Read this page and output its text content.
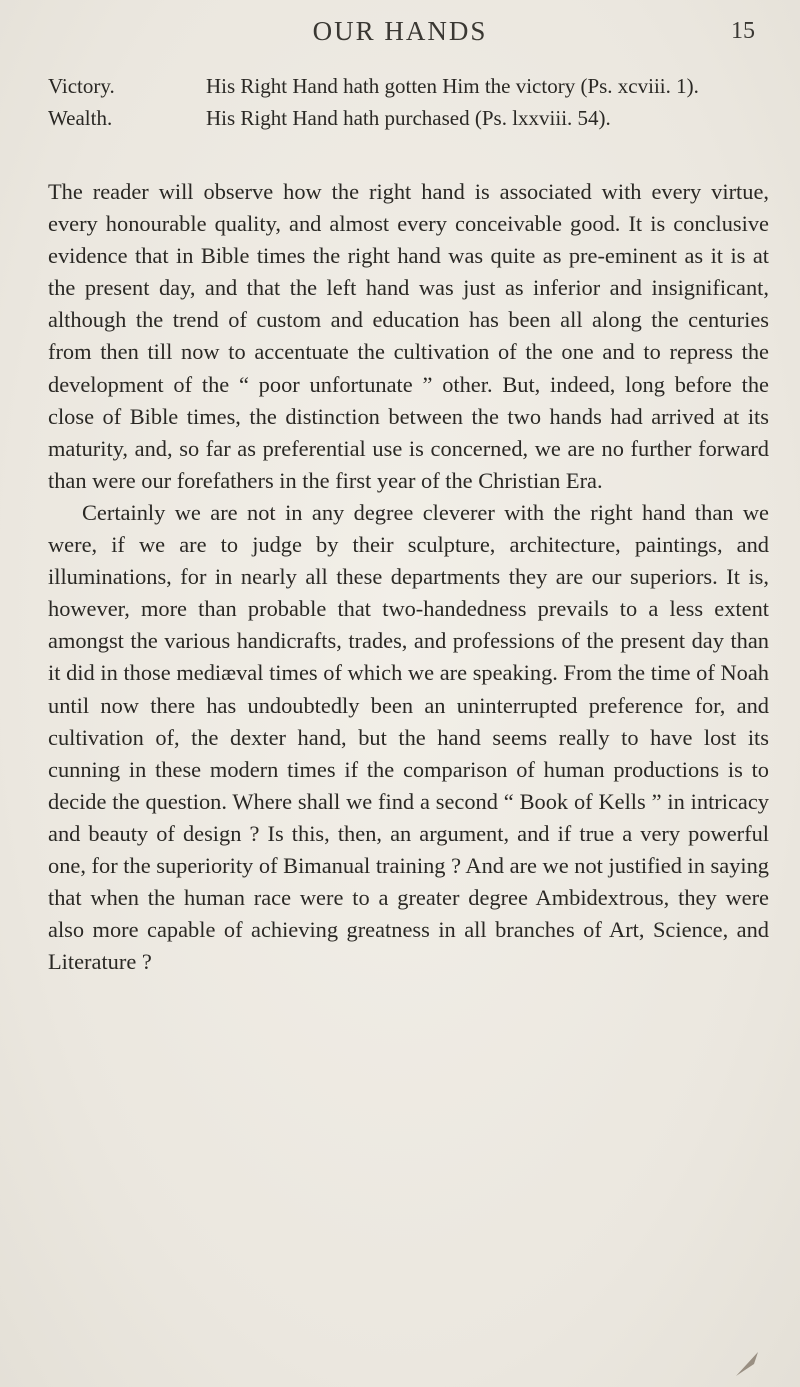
OUR HANDS	15
Victory.	His Right Hand hath gotten Him the victory (Ps. xcviii. 1).
Wealth.	His Right Hand hath purchased (Ps. lxxviii. 54).

The reader will observe how the right hand is associated with every virtue, every honourable quality, and almost every conceivable good. It is conclusive evidence that in Bible times the right hand was quite as pre-eminent as it is at the present day, and that the left hand was just as inferior and insignificant, although the trend of custom and education has been all along the centuries from then till now to accentuate the cultivation of the one and to repress the development of the “ poor unfortunate ” other. But, indeed, long before the close of Bible times, the distinction between the two hands had arrived at its maturity, and, so far as preferential use is concerned, we are no further forward than were our forefathers in the first year of the Christian Era.

Certainly we are not in any degree cleverer with the right hand than we were, if we are to judge by their sculpture, architecture, paintings, and illuminations, for in nearly all these departments they are our superiors. It is, however, more than probable that two-handedness prevails to a less extent amongst the various handicrafts, trades, and professions of the present day than it did in those mediæval times of which we are speaking. From the time of Noah until now there has undoubtedly been an uninterrupted preference for, and cultivation of, the dexter hand, but the hand seems really to have lost its cunning in these modern times if the comparison of human productions is to decide the question. Where shall we find a second “ Book of Kells ” in intricacy and beauty of design ? Is this, then, an argument, and if true a very powerful one, for the superiority of Bimanual training ? And are we not justified in saying that when the human race were to a greater degree Ambidextrous, they were also more capable of achieving greatness in all branches of Art, Science, and Literature ?
